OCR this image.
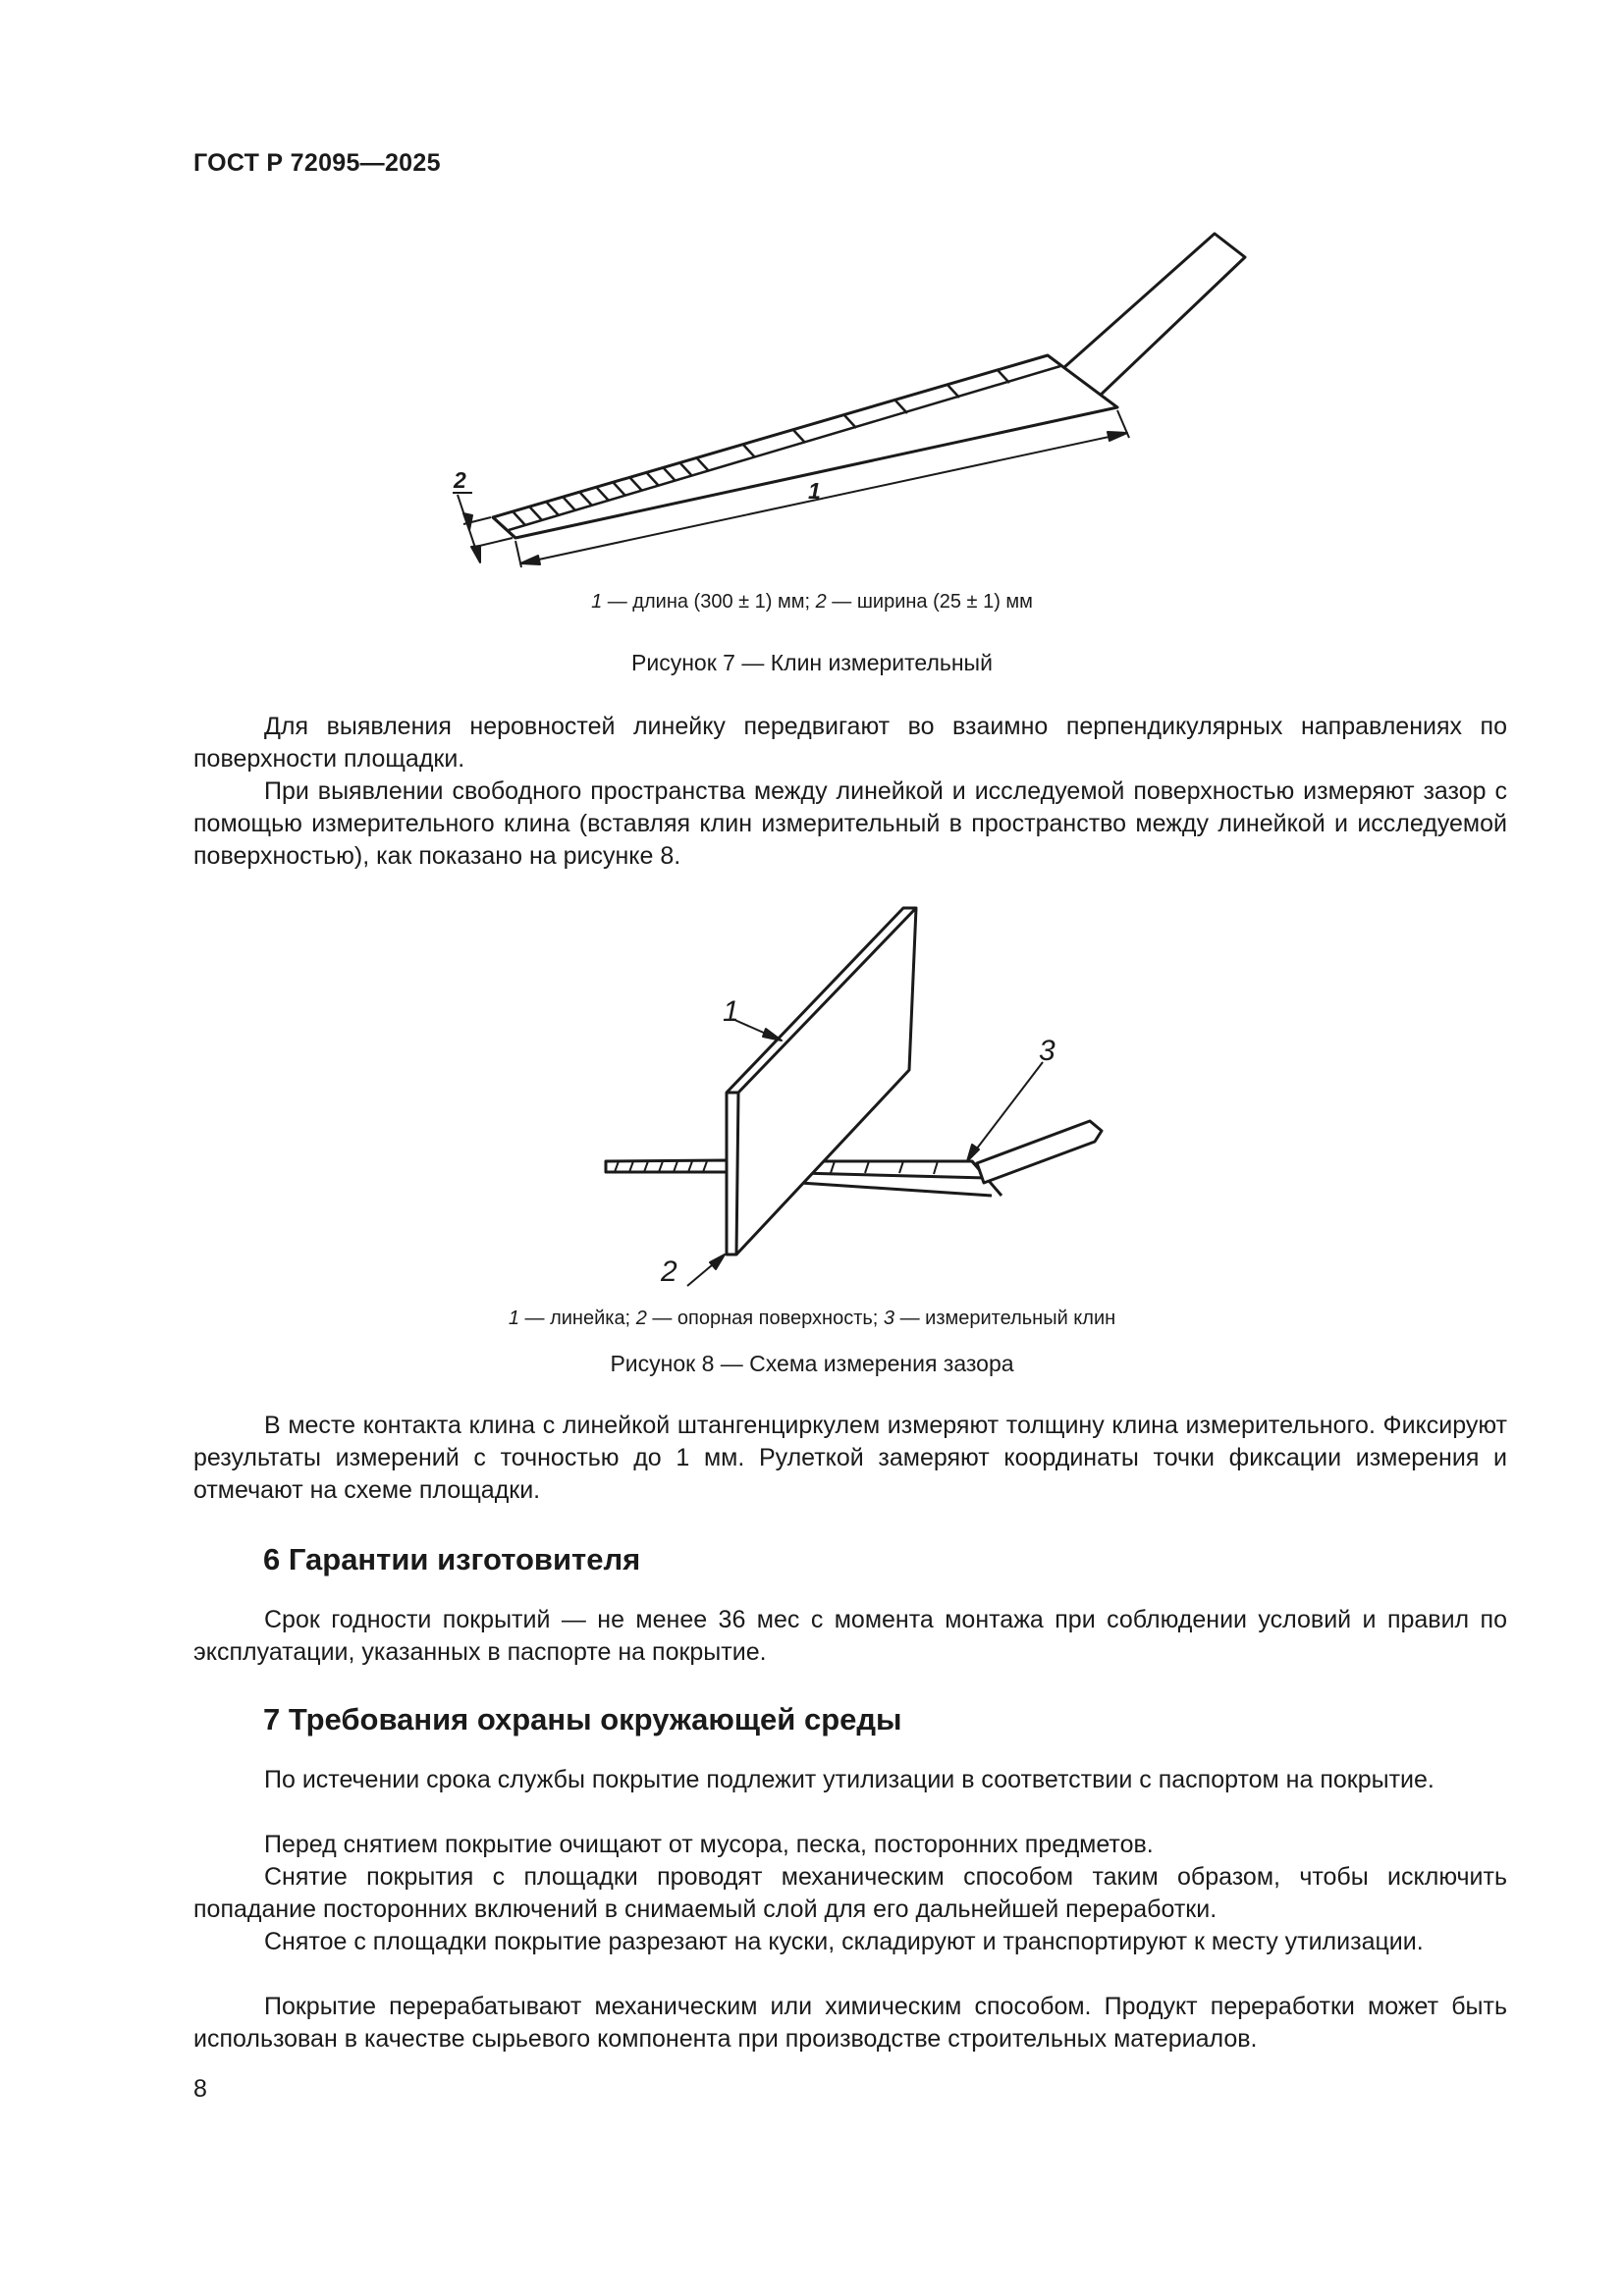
ГОСТ Р 72095—2025
2	1
1 — длина (300 ± 1) мм; 2 — ширина (25 ± 1) мм
Рисунок 7 — Клин измерительный
Для выявления неровностей линейку передвигают во взаимно перпендикулярных направлениях по поверхности площадки.
При выявлении свободного пространства между линейкой и исследуемой поверхностью измеряют зазор с помощью измерительного клина (вставляя клин измерительный в пространство между линейкой и исследуемой поверхностью), как показано на рисунке 8.
1
3
2
1 — линейка; 2 — опорная поверхность; 3 — измерительный клин
Рисунок 8 — Схема измерения зазора
В месте контакта клина с линейкой штангенциркулем измеряют толщину клина измерительного. Фиксируют результаты измерений с точностью до 1 мм. Рулеткой замеряют координаты точки фиксации измерения и отмечают на схеме площадки.
6 Гарантии изготовителя
Срок годности покрытий — не менее 36 мес с момента монтажа при соблюдении условий и правил по эксплуатации, указанных в паспорте на покрытие.
7 Требования охраны окружающей среды
По истечении срока службы покрытие подлежит утилизации в соответствии с паспортом на покрытие.
Перед снятием покрытие очищают от мусора, песка, посторонних предметов.
Снятие покрытия с площадки проводят механическим способом таким образом, чтобы исключить попадание посторонних включений в снимаемый слой для его дальнейшей переработки.
Снятое с площадки покрытие разрезают на куски, складируют и транспортируют к месту утилизации.
Покрытие перерабатывают механическим или химическим способом. Продукт переработки может быть использован в качестве сырьевого компонента при производстве строительных материалов.
8
